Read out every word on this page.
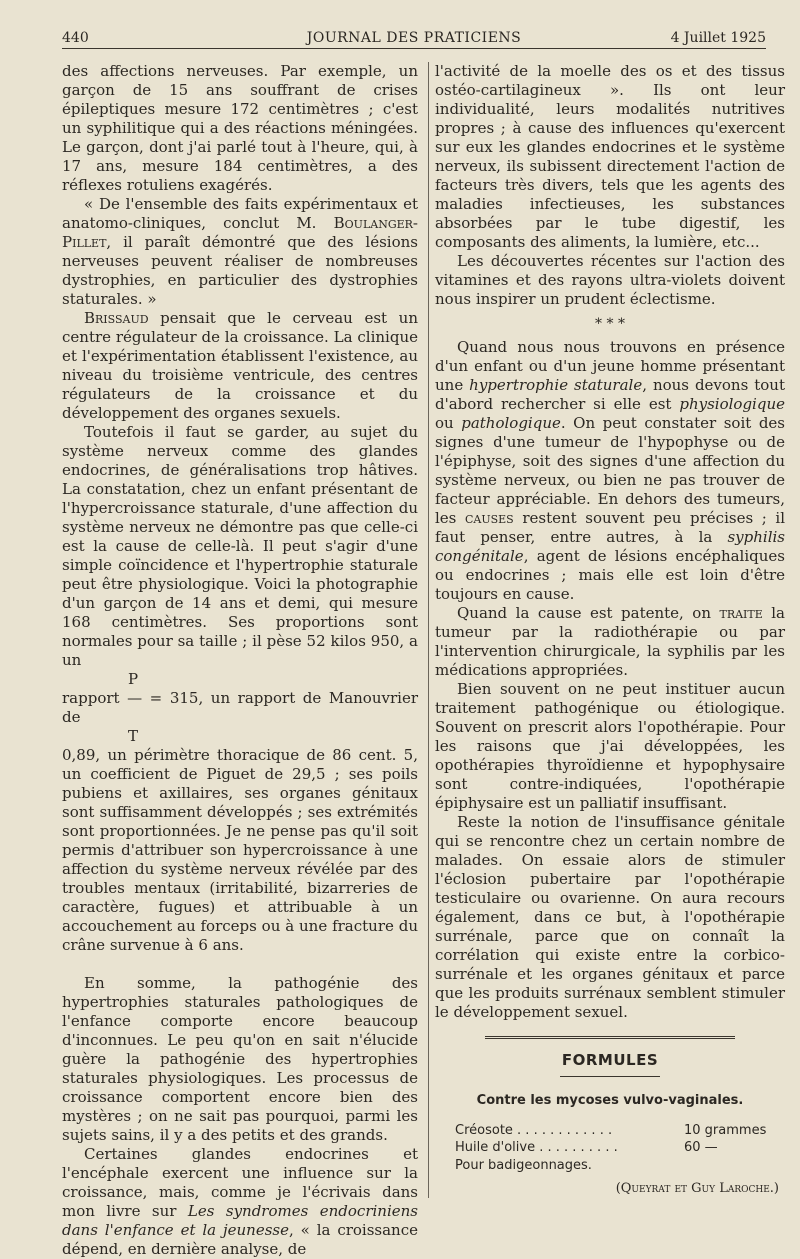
440	JOURNAL DES PRATICIENS	4 Juillet 1925

des affections nerveuses. Par exemple, un garçon de 15 ans souffrant de crises épileptiques mesure 172 centimètres ; c'est un syphilitique qui a des réactions méningées. Le garçon, dont j'ai parlé tout à l'heure, qui, à 17 ans, mesure 184 centimètres, a des réflexes rotuliens exagérés.

« De l'ensemble des faits expérimentaux et anatomo-cliniques, conclut M. Boulanger-Pillet, il paraît démontré que des lésions nerveuses peuvent réaliser de nombreuses dystrophies, en particulier des dystrophies staturales. »

Brissaud pensait que le cerveau est un centre régulateur de la croissance. La clinique et l'expérimentation établissent l'existence, au niveau du troisième ventricule, des centres régulateurs de la croissance et du développement des organes sexuels.

Toutefois il faut se garder, au sujet du système nerveux comme des glandes endocrines, de généralisations trop hâtives. La constatation, chez un enfant présentant de l'hypercroissance staturale, d'une affection du système nerveux ne démontre pas que celle-ci est la cause de celle-là. Il peut s'agir d'une simple coïncidence et l'hypertrophie staturale peut être physiologique. Voici la photographie d'un garçon de 14 ans et demi, qui mesure 168 centimètres. Ses proportions sont normales pour sa taille ; il pèse 52 kilos 950, a un

P
rapport — = 315, un rapport de Manouvrier de
T

0,89, un périmètre thoracique de 86 cent. 5, un coefficient de Piguet de 29,5 ; ses poils pubiens et axillaires, ses organes génitaux sont suffisamment développés ; ses extrémités sont proportionnées. Je ne pense pas qu'il soit permis d'attribuer son hypercroissance à une affection du système nerveux révélée par des troubles mentaux (irritabilité, bizarreries de caractère, fugues) et attribuable à un accouchement au forceps ou à une fracture du crâne survenue à 6 ans.

En somme, la pathogénie des hypertrophies staturales pathologiques de l'enfance comporte encore beaucoup d'inconnues. Le peu qu'on en sait n'élucide guère la pathogénie des hypertrophies staturales physiologiques. Les processus de croissance comportent encore bien des mystères ; on ne sait pas pourquoi, parmi les sujets sains, il y a des petits et des grands.

Certaines glandes endocrines et l'encéphale exercent une influence sur la croissance, mais, comme je l'écrivais dans mon livre sur Les syndromes endocriniens dans l'enfance et la jeunesse, « la croissance dépend, en dernière analyse, de

l'activité de la moelle des os et des tissus ostéo-cartilagineux ». Ils ont leur individualité, leurs modalités nutritives propres ; à cause des influences qu'exercent sur eux les glandes endocrines et le système nerveux, ils subissent directement l'action de facteurs très divers, tels que les agents des maladies infectieuses, les substances absorbées par le tube digestif, les composants des aliments, la lumière, etc...

Les découvertes récentes sur l'action des vitamines et des rayons ultra-violets doivent nous inspirer un prudent éclectisme.

* * *

Quand nous nous trouvons en présence d'un enfant ou d'un jeune homme présentant une hypertrophie staturale, nous devons tout d'abord rechercher si elle est physiologique ou pathologique. On peut constater soit des signes d'une tumeur de l'hypophyse ou de l'épiphyse, soit des signes d'une affection du système nerveux, ou bien ne pas trouver de facteur appréciable. En dehors des tumeurs, les causes restent souvent peu précises ; il faut penser, entre autres, à la syphilis congénitale, agent de lésions encéphaliques ou endocrines ; mais elle est loin d'être toujours en cause.

Quand la cause est patente, on traite la tumeur par la radiothérapie ou par l'intervention chirurgicale, la syphilis par les médications appropriées.

Bien souvent on ne peut instituer aucun traitement pathogénique ou étiologique. Souvent on prescrit alors l'opothérapie. Pour les raisons que j'ai développées, les opothérapies thyroïdienne et hypophysaire sont contre-indiquées, l'opothérapie épiphysaire est un palliatif insuffisant.

Reste la notion de l'insuffisance génitale qui se rencontre chez un certain nombre de malades. On essaie alors de stimuler l'éclosion pubertaire par l'opothérapie testiculaire ou ovarienne. On aura recours également, dans ce but, à l'opothérapie surrénale, parce que on connaît la corrélation qui existe entre la corbico-surrénale et les organes génitaux et parce que les produits surrénaux semblent stimuler le développement sexuel.

FORMULES
Contre les mycoses vulvo-vaginales.
Créosote . . . . . . . . . . . .	10 grammes
Huile d'olive . . . . . . . . . .	60 —
Pour badigeonnages.
(Queyrat et Guy Laroche.)
